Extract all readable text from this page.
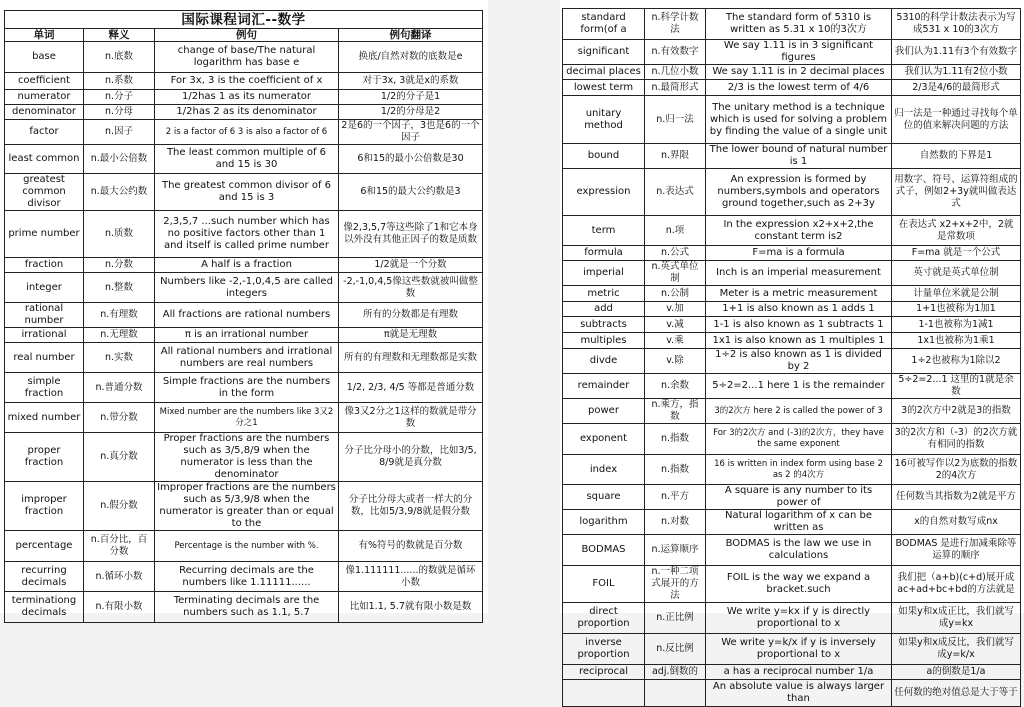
国际课程词汇--数学			
单词	释义	例句	例句翻译
base	n.底数	change of base/The natural logarithm has base e	换底/自然对数的底数是e
coefficient	n.系数	For 3x, 3 is the coefficient of x	对于3x, 3就是x的系数
numerator	n.分子	1/2has 1 as its numerator	1/2的分子是1
denominator	n.分母	1/2has 2 as its denominator	1/2的分母是2
factor	n.因子	2 is a factor of 6 3 is also a factor of 6	2是6的一个因子，3也是6的一个因子
least common	n.最小公倍数	The least common multiple of 6 and 15 is 30	6和15的最小公倍数是30
greatest common divisor	n.最大公约数	The greatest common divisor of 6 and 15 is 3	6和15的最大公约数是3
prime number	n.质数	2,3,5,7 ...such number which has no positive factors other than 1 and itself is called prime number	像2,3,5,7等这些除了1和它本身以外没有其他正因子的数是质数
fraction	n.分数	A half is a fraction	1/2就是一个分数
integer	n.整数	Numbers like -2,-1,0,4,5 are called integers	-2,-1,0,4,5像这些数就被叫做整数
rational number	n.有理数	All fractions are rational numbers	所有的分数都是有理数
irrational	n.无理数	π is an irrational number	π就是无理数
real number	n.实数	All rational numbers and irrational numbers are real numbers	所有的有理数和无理数都是实数
simple fraction	n.普通分数	Simple fractions are the numbers in the form	1/2, 2/3, 4/5 等都是普通分数
mixed number	n.带分数	Mixed number are the numbers like 3又2分之1	像3又2分之1这样的数就是带分数
proper fraction	n.真分数	Proper fractions are the numbers such as 3/5,8/9 when the numerator is less than the denominator	分子比分母小的分数，比如3/5, 8/9就是真分数
improper fraction	n.假分数	Improper fractions are the numbers such as 5/3,9/8 when the numerator is greater than or equal to the	分子比分母大或者一样大的分数，比如5/3,9/8就是假分数
percentage	n.百分比，百分数	Percentage is the number with %.	有%符号的数就是百分数
recurring decimals	n.循环小数	Recurring decimals are the numbers like 1.11111......	像1.111111......的数就是循环小数
terminationg decimals	n.有限小数	Terminating decimals are the numbers such as 1.1, 5.7	比如1.1, 5.7就有限小数是数
standard form(of a	n.科学计数法	The standard form of 5310 is written as 5.31 x 10的3次方	5310的科学计数法表示为写成531 x 10的3次方
significant	n.有效数字	We say 1.11 is in 3 significant figures	我们认为1.11有3个有效数字
decimal places	n.几位小数	We say 1.11 is in 2 decimal places	我们认为1.11有2位小数
lowest term	n.最简形式	2/3 is the lowest term of 4/6	2/3是4/6的最简形式
unitary method	n.归一法	The unitary method is a technique which is used for solving a problem by finding the value of a single unit	归一法是一种通过寻找每个单位的值来解决问题的方法
bound	n.界限	The lower bound of natural number is 1	自然数的下界是1
expression	n.表达式	An expression is formed by numbers,symbols and operators ground together,such as 2+3y	用数字、符号、运算符组成的式子，例如2+3y就叫做表达式
term	n.项	In the expression x2+x+2,the constant term is2	在表达式 x2+x+2中，2就是常数项
formula	n.公式	F=ma is a formula	F=ma 就是一个公式
imperial	n.英式单位制	Inch is an imperial measurement	英寸就是英式单位制
metric	n.公制	Meter is a metric measurement	计量单位米就是公制
add	v.加	1+1 is also known as 1 adds 1	1+1也被称为1加1
subtracts	v.减	1-1 is also known as 1 subtracts 1	1-1也被称为1减1
multiples	v.乘	1x1 is also known as 1 multiples 1	1x1也被称为1乘1
divde	v.除	1÷2 is also known as 1 is divided by 2	1÷2也被称为1除以2
remainder	n.余数	5÷2=2...1 here 1 is the remainder	5÷2=2...1 这里的1就是余数
power	n.乘方，指数	3的2次方 here 2 is called the power of 3	3的2次方中2就是3的指数
exponent	n.指数	For 3的2次方 and (-3)的2次方，they have the same exponent	3的2次方和（-3）的2次方就有相同的指数
index	n.指数	16 is written in index form using base 2 as 2 的4次方	16可被写作以2为底数的指数2的4次方
square	n.平方	A square is any number to its power of	任何数当其指数为2就是平方
logarithm	n.对数	Natural logarithm of x can be written as	x的自然对数写成nx
BODMAS	n.运算顺序	BODMAS is the law we use in calculations	BODMAS 是进行加减乘除等运算的顺序
FOIL	n.一种二项式展开的方法	FOIL is the way we expand a bracket.such	我们把（a+b)(c+d)展开成ac+ad+bc+bd的方法就是
direct proportion	n.正比例	We write y=kx if y is directly proportional to x	如果y和x成正比，我们就写成y=kx
inverse proportion	n.反比例	We write y=k/x if y is inversely proportional to x	如果y和x成反比，我们就写成y=k/x
reciprocal	adj.倒数的	a has a reciprocal number 1/a	a的倒数是1/a
		An absolute value is always larger than	任何数的绝对值总是大于等于
